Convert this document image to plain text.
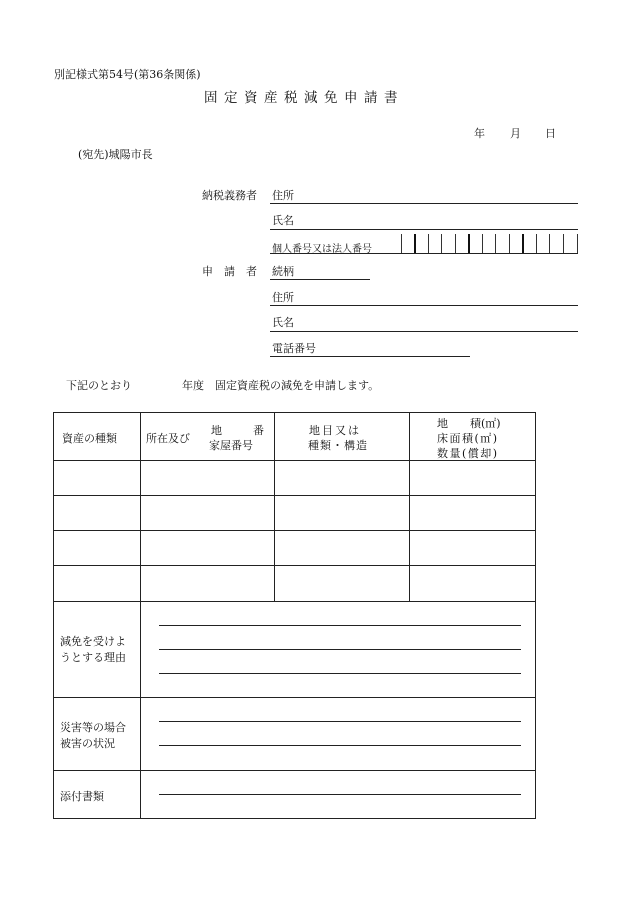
別記様式第54号(第36条関係)
固定資産税減免申請書
年 月 日
(宛先)城陽市長
納税義務者 住所
氏名
個人番号又は法人番号
申　請　者 続柄
住所
氏名
電話番号
下記のとおり	年度　固定資産税の減免を申請します。
資産の種類	所在及び
地　　番
家屋番号
地目又は
種類・構造
地　　積(㎡)
床面積(㎡)
数量(償却)
減免を受けよ
うとする理由
災害等の場合
被害の状況
添付書類
